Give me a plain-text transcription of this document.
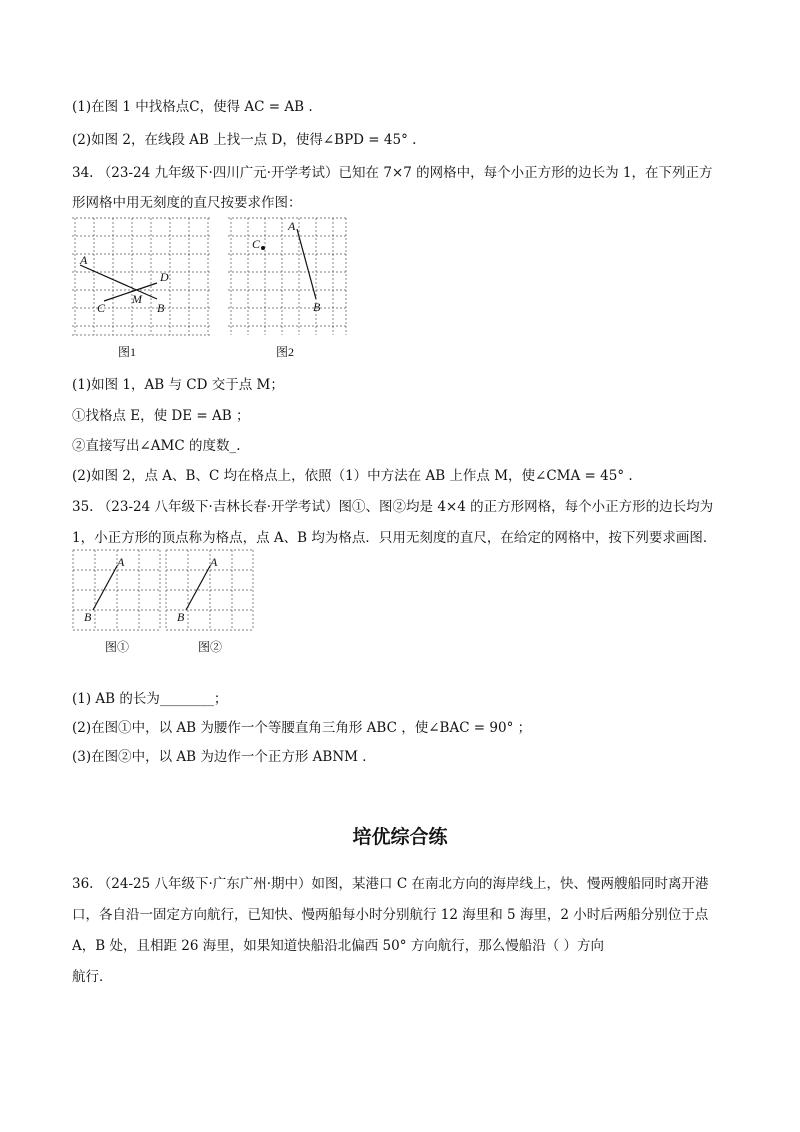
(1)在图 1 中找格点C，使得 AC = AB .
(2)如图 2，在线段 AB 上找一点 D，使得∠BPD = 45° .
34. （23-24 九年级下·四川广元·开学考试）已知在 7×7 的网格中，每个小正方形的边长为 1，在下列正方
形网格中用无刻度的直尺按要求作图：
A
D
M
C	B
图1
A
C
B
图2
(1)如图 1，AB 与 CD 交于点 M；
①找格点 E，使 DE = AB ；
②直接写出∠AMC 的度数_.
(2)如图 2，点 A、B、C 均在格点上，依照（1）中方法在 AB 上作点 M，使∠CMA = 45° .
35. （23-24 八年级下·吉林长春·开学考试）图①、图②均是 4×4 的正方形网格，每个小正方形的边长均为
1，小正方形的顶点称为格点，点 A、B 均为格点．只用无刻度的直尺，在给定的网格中，按下列要求画图．
A
B
图①
A
B
图②
(1) AB 的长为________；
(2)在图①中，以 AB 为腰作一个等腰直角三角形 ABC ，使∠BAC = 90° ；
(3)在图②中，以 AB 为边作一个正方形 ABNM ．
培优综合练
36. （24-25 八年级下·广东广州·期中）如图，某港口 C 在南北方向的海岸线上，快、慢两艘船同时离开港
口，各自沿一固定方向航行，已知快、慢两船每小时分别航行 12 海里和 5 海里，2 小时后两船分别位于点
A，B 处，且相距 26 海里，如果知道快船沿北偏西 50° 方向航行，那么慢船沿（ ）方向
航行．
